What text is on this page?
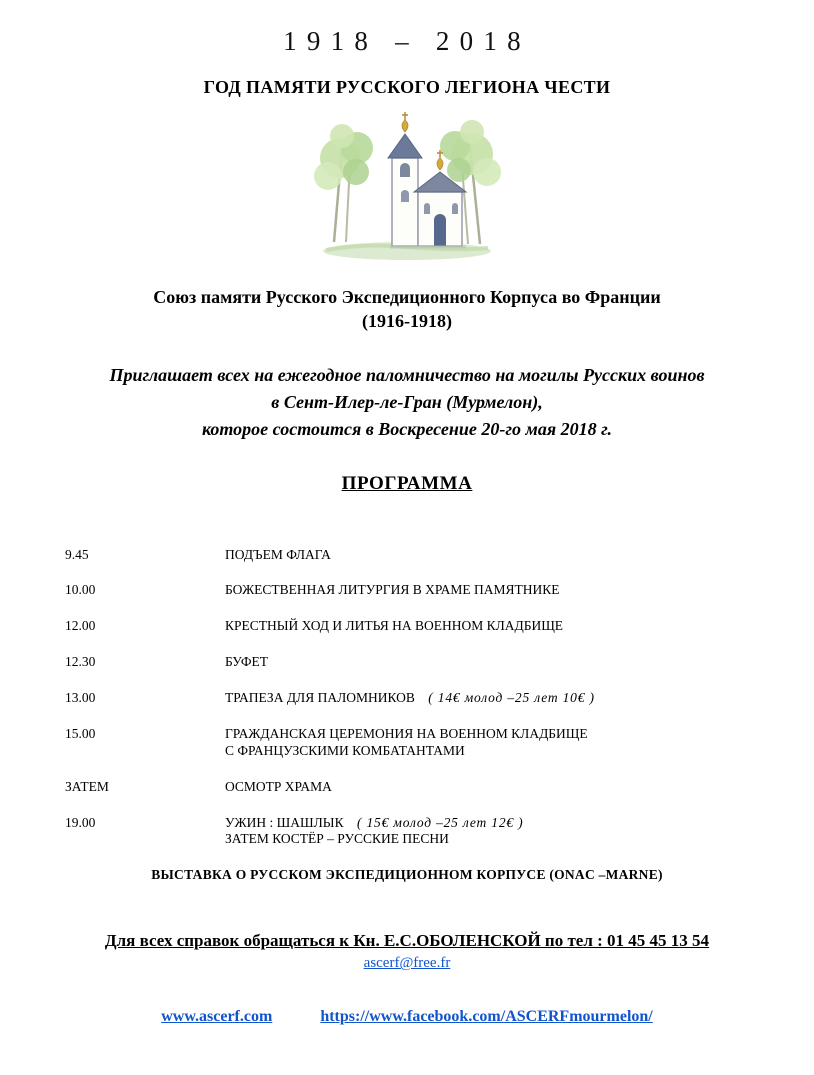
1918 – 2018
ГОД ПАМЯТИ РУССКОГО ЛЕГИОНА ЧЕСТИ
Союз памяти Русского Экспедиционного Корпуса во Франции
(1916-1918)
Приглашает всех на ежегодное паломничество на могилы Русских воинов
в Сент-Илер-ле-Гран (Мурмелон),
которое состоится в Воскресение 20-го мая 2018 г.
ПРОГРАММА
9.45	ПОДЪЕМ ФЛАГА
10.00	БОЖЕСТВЕННАЯ ЛИТУРГИЯ В ХРАМЕ ПАМЯТНИКЕ
12.00	КРЕСТНЫЙ ХОД И ЛИТЬЯ НА ВОЕННОМ КЛАДБИЩЕ
12.30	БУФЕТ
13.00	ТРАПЕЗА ДЛЯ ПАЛОМНИКОВ ( 14€ молод –25 лет 10€ )
15.00	ГРАЖДАНСКАЯ ЦЕРЕМОНИЯ НА ВОЕННОМ КЛАДБИЩЕ
С ФРАНЦУЗСКИМИ КОМБАТАНТАМИ
ЗАТЕМ	ОСМОТР ХРАМА
19.00	УЖИН : ШАШЛЫК ( 15€ молод –25 лет 12€ )
ЗАТЕМ КОСТЁР – РУССКИЕ ПЕСНИ
ВЫСТАВКА О РУССКОМ ЭКСПЕДИЦИОННОМ КОРПУСЕ (ONAC –MARNE)
Для всех справок обращаться к Кн. Е.С.ОБОЛЕНСКОЙ по тел : 01 45 45 13 54
ascerf@free.fr
www.ascerf.com	https://www.facebook.com/ASCERFmourmelon/
